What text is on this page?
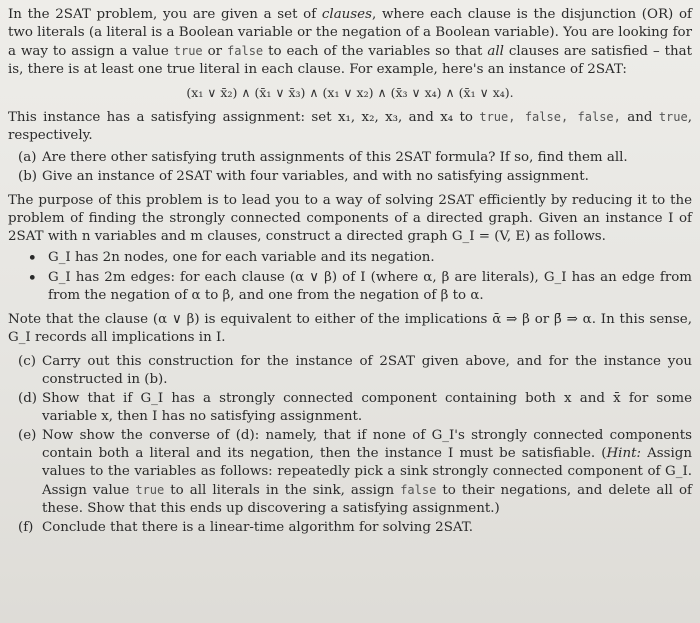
In the 2SAT problem, you are given a set of clauses, where each clause is the disjunction (OR) of two literals (a literal is a Boolean variable or the negation of a Boolean variable). You are looking for a way to assign a value true or false to each of the variables so that all clauses are satisfied – that is, there is at least one true literal in each clause. For example, here's an instance of 2SAT:

(x₁ ∨ x̄₂) ∧ (x̄₁ ∨ x̄₃) ∧ (x₁ ∨ x₂) ∧ (x̄₃ ∨ x₄) ∧ (x̄₁ ∨ x₄).

This instance has a satisfying assignment: set x₁, x₂, x₃, and x₄ to true, false, false, and true, respectively.

(a) Are there other satisfying truth assignments of this 2SAT formula? If so, find them all.
(b) Give an instance of 2SAT with four variables, and with no satisfying assignment.

The purpose of this problem is to lead you to a way of solving 2SAT efficiently by reducing it to the problem of finding the strongly connected components of a directed graph. Given an instance I of 2SAT with n variables and m clauses, construct a directed graph G_I = (V, E) as follows.

• G_I has 2n nodes, one for each variable and its negation.
• G_I has 2m edges: for each clause (α ∨ β) of I (where α, β are literals), G_I has an edge from from the negation of α to β, and one from the negation of β to α.

Note that the clause (α ∨ β) is equivalent to either of the implications ᾱ ⇒ β or β̄ ⇒ α. In this sense, G_I records all implications in I.

(c) Carry out this construction for the instance of 2SAT given above, and for the instance you constructed in (b).
(d) Show that if G_I has a strongly connected component containing both x and x̄ for some variable x, then I has no satisfying assignment.
(e) Now show the converse of (d): namely, that if none of G_I's strongly connected components contain both a literal and its negation, then the instance I must be satisfiable. (Hint: Assign values to the variables as follows: repeatedly pick a sink strongly connected component of G_I. Assign value true to all literals in the sink, assign false to their negations, and delete all of these. Show that this ends up discovering a satisfying assignment.)
(f) Conclude that there is a linear-time algorithm for solving 2SAT.
